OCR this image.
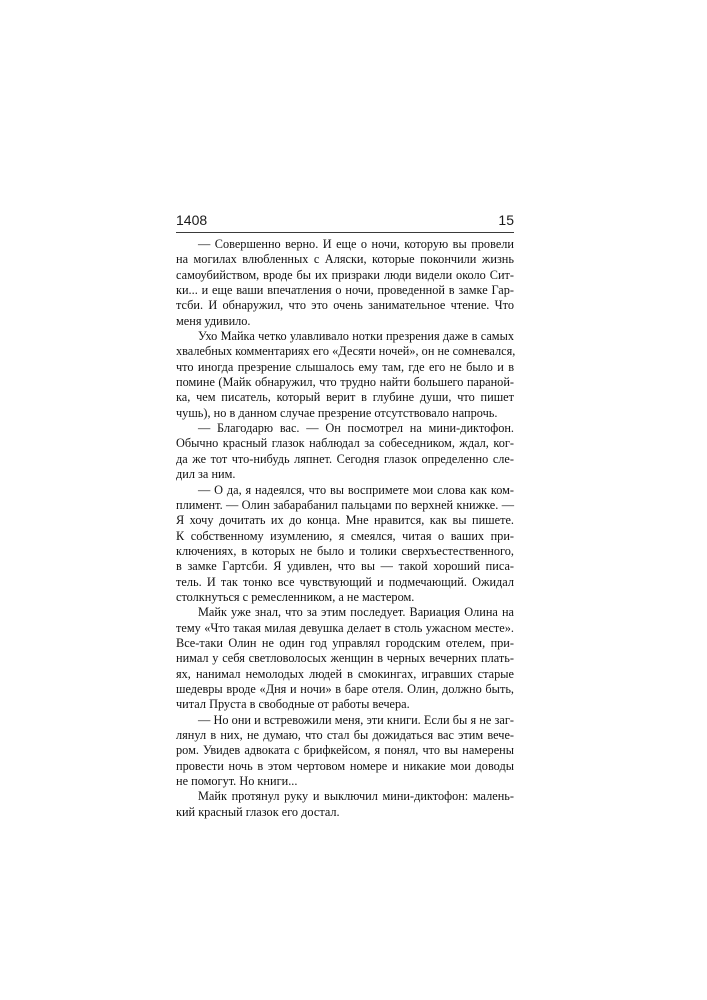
1408	15
— Совершенно верно. И еще о ночи, которую вы провели
на могилах влюбленных с Аляски, которые покончили жизнь
самоубийством, вроде бы их призраки люди видели около Сит-
ки... и еще ваши впечатления о ночи, проведенной в замке Гар-
тсби. И обнаружил, что это очень занимательное чтение. Что
меня удивило.
Ухо Майка четко улавливало нотки презрения даже в самых
хвалебных комментариях его «Десяти ночей», он не сомневался,
что иногда презрение слышалось ему там, где его не было и в
помине (Майк обнаружил, что трудно найти большего параной-
ка, чем писатель, который верит в глубине души, что пишет
чушь), но в данном случае презрение отсутствовало напрочь.
— Благодарю вас. — Он посмотрел на мини-диктофон.
Обычно красный глазок наблюдал за собеседником, ждал, ког-
да же тот что-нибудь ляпнет. Сегодня глазок определенно сле-
дил за ним.
— О да, я надеялся, что вы воспримете мои слова как ком-
плимент. — Олин забарабанил пальцами по верхней книжке. —
Я хочу дочитать их до конца. Мне нравится, как вы пишете.
К собственному изумлению, я смеялся, читая о ваших при-
ключениях, в которых не было и толики сверхъестественного,
в замке Гартсби. Я удивлен, что вы — такой хороший писа-
тель. И так тонко все чувствующий и подмечающий. Ожидал
столкнуться с ремесленником, а не мастером.
Майк уже знал, что за этим последует. Вариация Олина на
тему «Что такая милая девушка делает в столь ужасном месте».
Все-таки Олин не один год управлял городским отелем, при-
нимал у себя светловолосых женщин в черных вечерних плать-
ях, нанимал немолодых людей в смокингах, игравших старые
шедевры вроде «Дня и ночи» в баре отеля. Олин, должно быть,
читал Пруста в свободные от работы вечера.
— Но они и встревожили меня, эти книги. Если бы я не заг-
лянул в них, не думаю, что стал бы дожидаться вас этим вече-
ром. Увидев адвоката с брифкейсом, я понял, что вы намерены
провести ночь в этом чертовом номере и никакие мои доводы
не помогут. Но книги...
Майк протянул руку и выключил мини-диктофон: малень-
кий красный глазок его достал.
